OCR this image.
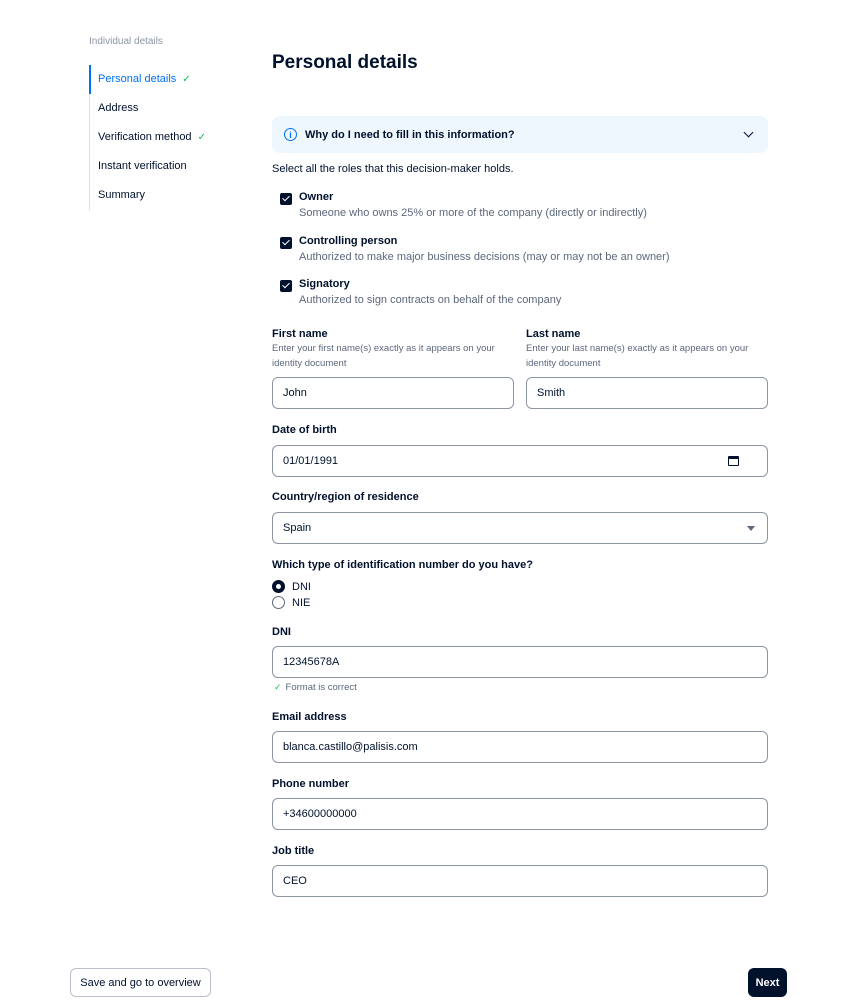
Individual details
Personal details ✓
Address
Verification method ✓
Instant verification
Summary
Personal details
i	Why do I need to fill in this information?
Select all the roles that this decision-maker holds.
Owner
Someone who owns 25% or more of the company (directly or indirectly)
Controlling person
Authorized to make major business decisions (may or may not be an owner)
Signatory
Authorized to sign contracts on behalf of the company
First name
Enter your first name(s) exactly as it appears on your identity document
John
Last name
Enter your last name(s) exactly as it appears on your identity document
Smith
Date of birth
01/01/1991
Country/region of residence
Spain
Which type of identification number do you have?
DNI
NIE
DNI
12345678A
✓ Format is correct
Email address
blanca.castillo@palisis.com
Phone number
+34600000000
Job title
CEO
Save and go to overview	Next
